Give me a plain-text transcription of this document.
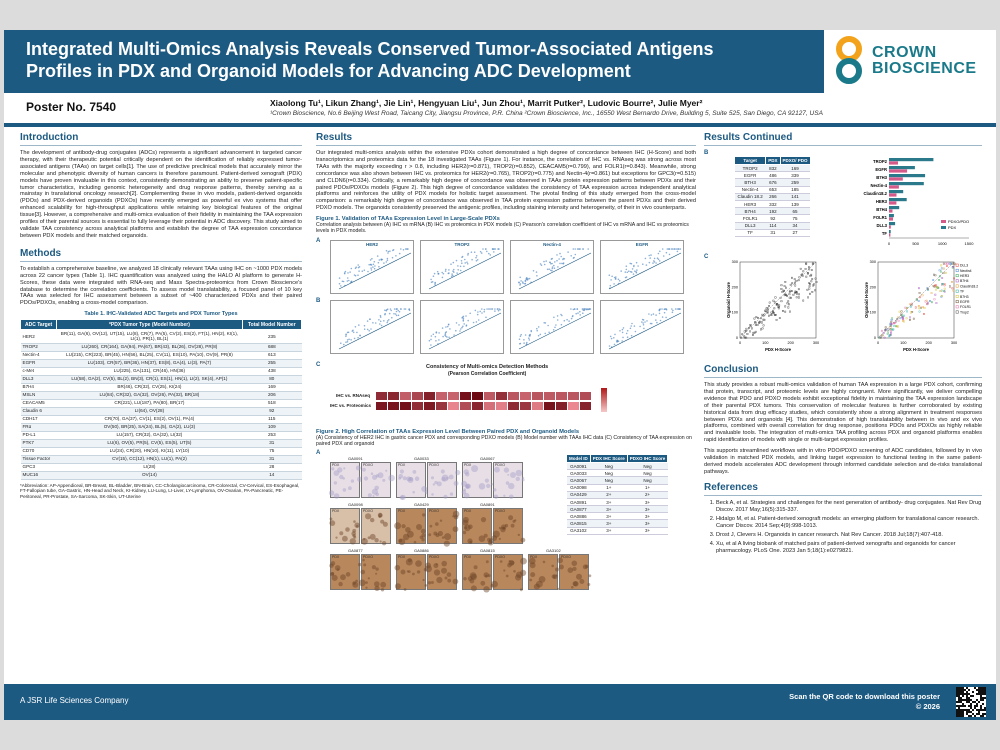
Integrated Multi-Omics Analysis Reveals Conserved Tumor-Associated Antigens
Profiles in PDX and Organoid Models for Advancing ADC Development
CROWN
BIOSCIENCE
Poster No. 7540	Xiaolong Tu¹, Likun Zhang¹, Jie Lin¹, Hengyuan Liu¹, Jun Zhou¹, Marrit Putker², Ludovic Bourre², Julie Myer²
¹Crown Bioscience, No.6 Beijing West Road, Taicang City, Jiangsu Province, P.R. China ²Crown Bioscience, Inc., 16550 West Bernardo Drive, Building 5, Suite 525, San Diego, CA 92127, USA
Introduction

The development of antibody-drug conjugates (ADCs) represents a significant advancement in targeted cancer therapy, with their therapeutic potential critically dependent on the identification of reliably expressed tumor-associated antigens (TAAs) on target cells[1]. The use of predictive preclinical models that accurately mirror the molecular and phenotypic diversity of human cancers is therefore paramount. Patient-derived xenograft (PDX) models have proven invaluable in this context, consistently demonstrating an ability to preserve patient-specific tumor characteristics, including genomic heterogeneity and drug response patterns, thereby serving as a mainstay in translational oncology research[2]. Complementing these in vivo models, patient-derived organoids (PDOs) and PDX-derived organoids (PDXOs) have recently emerged as powerful ex vivo systems that offer enhanced scalability for high-throughput applications while retaining key biological features of the original tissue[3]. However, a comprehensive and multi-omics evaluation of their fidelity in maintaining the TAA expression profiles of their parental sources is essential to fully leverage their potential in ADC discovery. This study aimed to validate TAA consistency across analytical platforms and establish the degree of TAA expression concordance between PDX models and their matched organoids.

Methods

To establish a comprehensive baseline, we analyzed 18 clinically relevant TAAs using IHC on ~1000 PDX models across 22 cancer types (Table 1). IHC quantification was analyzed using the HALO AI platform to generate H-Scores, these data were integrated with RNA-seq and Mass Spectra-proteomics from Crown Bioscience's database to determine the correlation coefficients. To assess model translatability, a focused panel of 10 key TAAs was selected for IHC assessment between a subset of ~400 characterized PDXs and their paired PDOs/PDXOs, enabling a cross-model comparison.

Table 1. IHC-Validated ADC Targets and PDX Tumor Types
ADC Target	*PDX Tumor Type (Model Number)	Total Model Number
HER2	BR(11), GA(6), OV(12), UT(15), LU(8), CR(7), PA(5), CV(2), ES(2), FT(1), HN(2), KI(1), LI(1), PR(1), BL(1)	235
TROP2	LU(260), CR(164), GA(94), PA(67), BR(43), BL(26), OV(28), PR(8)	688
Nectin-4	LU(215), CR(223), BR(45), HN(56), BL(25), CV(11), ES(10), PA(10), OV(9), PR(8)	613
EGFR	LU(103), CR(57), BR(36), HN(37), ES(8), GA(4), LI(3), PA(7)	255
c-Met	LU(225), GA(131), CR(46), HN(36)	438
DLL3	LU(58), GA(2), CV(5), BL(2), BN(3), CR(1), ES(1), HN(1), LI(2), SK(4), AP(1)	80
B7H4	BR(46), CR(32), CV(25), KI(24)	169
MSLN	LU(84), CR(32), GA(32), OV(26), PA(32), BR(18)	206
CEACAM5	CR(221), LU(187), PA(80), BR(17)	518
Claudin 6	LI(64), OV(28)	92
CDH17	CR(70), GA(37), CV(1), ES(2), OV(1), PA(4)	115
FRα	OV(50), BR(25), SA(24), BL(5), GA(2), LU(3)	109
PD-L1	LU(157), CR(32), GA(32), LI(32)	253
PTK7	LU(6), OV(5), PR(5), CV(5), ES(5), UT(5)	31
CD70	LU(24), CR(20), HN(10), KI(11), LY(10)	75
Tissue Factor	CV(15), CC(12), HN(1), LU(1), PA(2)	31
GPC3	LI(28)	28
MUC16	OV(14)	14
*Abbreviation: AP-Appendiceal, BR-Breast, BL-Bladder, BN-Brain, CC-Cholangiocarcinoma, CR-Colorectal, CV-Cervical, ES-Esophageal, FT-Fallopian tube, GA-Gastric, HN-Head and Neck, KI-Kidney, LU-Lung, LI-Liver, LY-Lymphoma, OV-Ovarian, PA-Pancreatic, PE-Peritoneal, PR-Prostate, SA-Sarcoma, SK-Skin, UT-Uterine
Results

Our integrated multi-omics analysis within the extensive PDXs cohort demonstrated a high degree of concordance between IHC (H-Score) and both transcriptomics and proteomics data for the 18 investigated TAAs (Figure 1). For instance, the correlation of IHC vs. RNAseq was strong across most TAAs with the majority exceeding r > 0.8, including HER2(r=0.871), TROP2(r=0.852), CEACAM5(r=0.799), and FOLR1(r=0.843). Meanwhile, strong concordance was also shown between IHC vs. proteomics for HER2(r=0.765), TROP2(r=0.775) and Nectin-4(r=0.861) but exceptions for GPC3(r=0.515) and CLDN6(r=0.334). Critically, a remarkably high degree of concordance was observed in TAAs protein expression patterns between PDXs and their paired PDOs/PDXOs models (Figure 2). This high degree of concordance validates the consistency of TAA expression across independent analytical platforms and reinforces the utility of PDX models for holistic target assessment. The pivotal finding of this study emerged from the cross-model comparison: a remarkably high degree of concordance was observed in TAA protein expression patterns between the parent PDXs and their derived PDXO models. The organoids consistently preserved the antigenic profiles, including staining intensity and heterogeneity, of their in vivo counterparts.

Figure 1. Validation of TAAs Expression Level in Large-Scale PDXs
Correlation analysis between (A) IHC vs mRNA (B) IHC vs proteomics in PDX models (C) Pearson's correlation coefficient of IHC vs mRNA and IHC vs proteomics levels in PDX models.
A
B
C
HER2	TROP2	Nectin-4	EGFR
Consistency of Multi-omics Detection Methods
(Pearson Correlation Coefficient)
IHC vs. RNAseq
IHC vs. Proteomics
Figure 2. High Correlation of TAAs Expression Level Between Paired PDX and Organoid Models
(A) Consistency of HER2 IHC in gastric cancer PDX and corresponding PDXO models (B) Model number with TAAs IHC data (C) Consistency of TAA expression on paired PDX and organoid
A
GA0091
PDX	PDXO
GA0033
PDX	PDXO
GA0067
PDX	PDXO
GA0098
PDX	PDXO
GA0429
PDX	PDXO
GA0891
PDX	PDXO
GA0877
PDX	PDXO
GA0886
PDX	PDXO
GA0815
PDX	PDXO
GA3102
PDX	PDXO
Model ID	PDX IHC Score	PDXO IHC Score
GA0091	Neg	Neg
GA0033	Neg	Neg
GA0067	Neg	Neg
GA0098	1+	1+
GA0429	2+	2+
GA0891	3+	3+
GA0877	3+	3+
GA0886	3+	3+
GA0815	3+	3+
GA3102	3+	3+
Results Continued
B
Target	PDX	PDXO/ PDO
TROP2	832	169
EGFR	486	339
BTH3	676	259
Nectin-4	653	185
Claudin 18.2	266	141
HER3	332	139
B7H4	192	65
FOLR1	92	75
DLL3	114	34
TF	31	27
TROP2
EGFR
B7H3
Nectin-4
Claudin18.2
HER3
B7H4
FOLR1
DLL3
TF
0	500	1000	1500
PDXO/PDO
PDX
C
0
0
100
100
200
200
300
300
PDX H-Score
Organoid H-Score
0
0
100
100
200
200
300
300
PDX H-Score
Organoid H-Score
DLL3
Nectin4
HER3
B7H4
Claudin18.2
TF
B7H3
EGFR
FOLR1
Trop2
Conclusion

This study provides a robust multi-omics validation of human TAA expression in a large PDX cohort, confirming that protein, transcript, and proteomic levels are highly congruent. More significantly, we deliver compelling evidence that PDO and PDXO models exhibit exceptional fidelity in maintaining the TAA expression landscape of their parental PDX tumors. This conservation of molecular features is further corroborated by existing historical data from drug efficacy studies, which consistently show a strong alignment in treatment responses between PDXs and organoids [4]. This demonstration of high translatability between in vivo and ex vivo platforms, combined with overall correlation for drug response, positions PDOs and PDXOs as highly reliable and invaluable tools. The integration of multi-omics TAA profiling across PDX and organoid platforms enables rapid identification of models with single or multi-target expression profiles.

This supports streamlined workflows with in vitro PDO/PDXO screening of ADC candidates, followed by in vivo validation in matched PDX models, and linking target expression to functional testing in the same patient-derived models accelerates ADC development through informed candidate selection and de-risks translational pathways.

References
1. Beck A, et al. Strategies and challenges for the next generation of antibody- drug conjugates. Nat Rev Drug Discov. 2017 May;16(5):315-337.
2. Hidalgo M, et al. Patient-derived xenograft models: an emerging platform for translational cancer research. Cancer Discov. 2014 Sep;4(9):998-1013.
3. Drost J, Clevers H. Organoids in cancer research. Nat Rev Cancer. 2018 Jul;18(7):407-418.
4. Xu, et al A living biobank of matched pairs of patient-derived xenografts and organoids for cancer pharmacology. PLoS One. 2023 Jan 5;18(1):e0279821.
A JSR Life Sciences Company	Scan the QR code to download this poster
© 2026
